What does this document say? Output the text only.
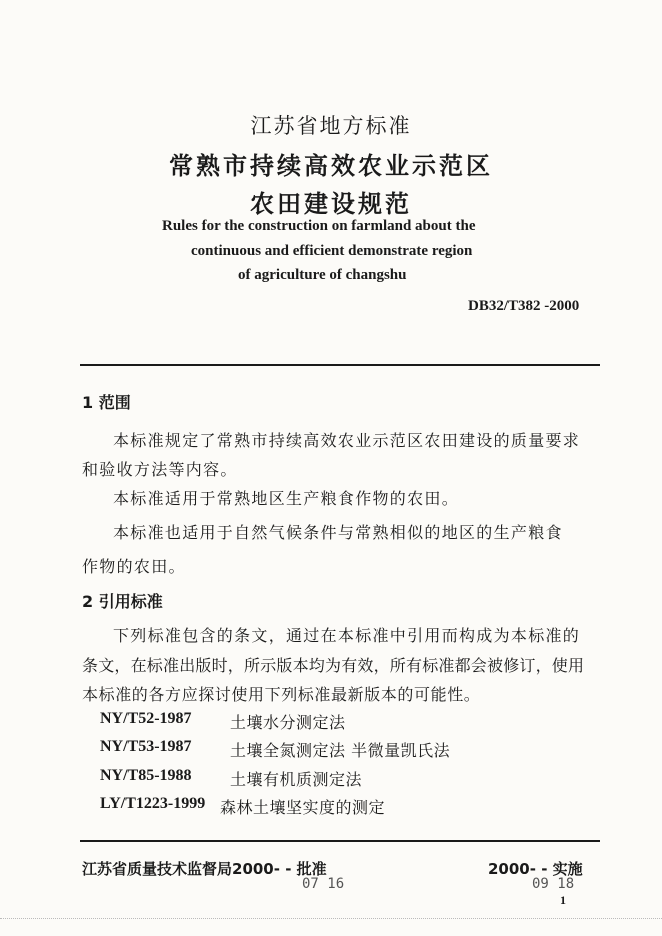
江苏省地方标准
常熟市持续高效农业示范区
农田建设规范
Rules for the construction on farmland about the
continuous and efficient demonstrate region
of agriculture of changshu
DB32/T382 -2000
1 范围
本标准规定了常熟市持续高效农业示范区农田建设的质量要求
和验收方法等内容。
本标准适用于常熟地区生产粮食作物的农田。
本标准也适用于自然气候条件与常熟相似的地区的生产粮食
作物的农田。
2 引用标准
下列标准包含的条文，通过在本标准中引用而构成为本标准的
条文，在标准出版时，所示版本均为有效，所有标准都会被修订，使用
本标准的各方应探讨使用下列标准最新版本的可能性。
NY/T52-1987 土壤水分测定法
NY/T53-1987 土壤全氮测定法 半微量凯氏法
NY/T85-1988 土壤有机质测定法
LY/T1223-1999 森林土壤坚实度的测定
江苏省质量技术监督局2000- - 批准
07 16
2000- - 实施
09 18
1
